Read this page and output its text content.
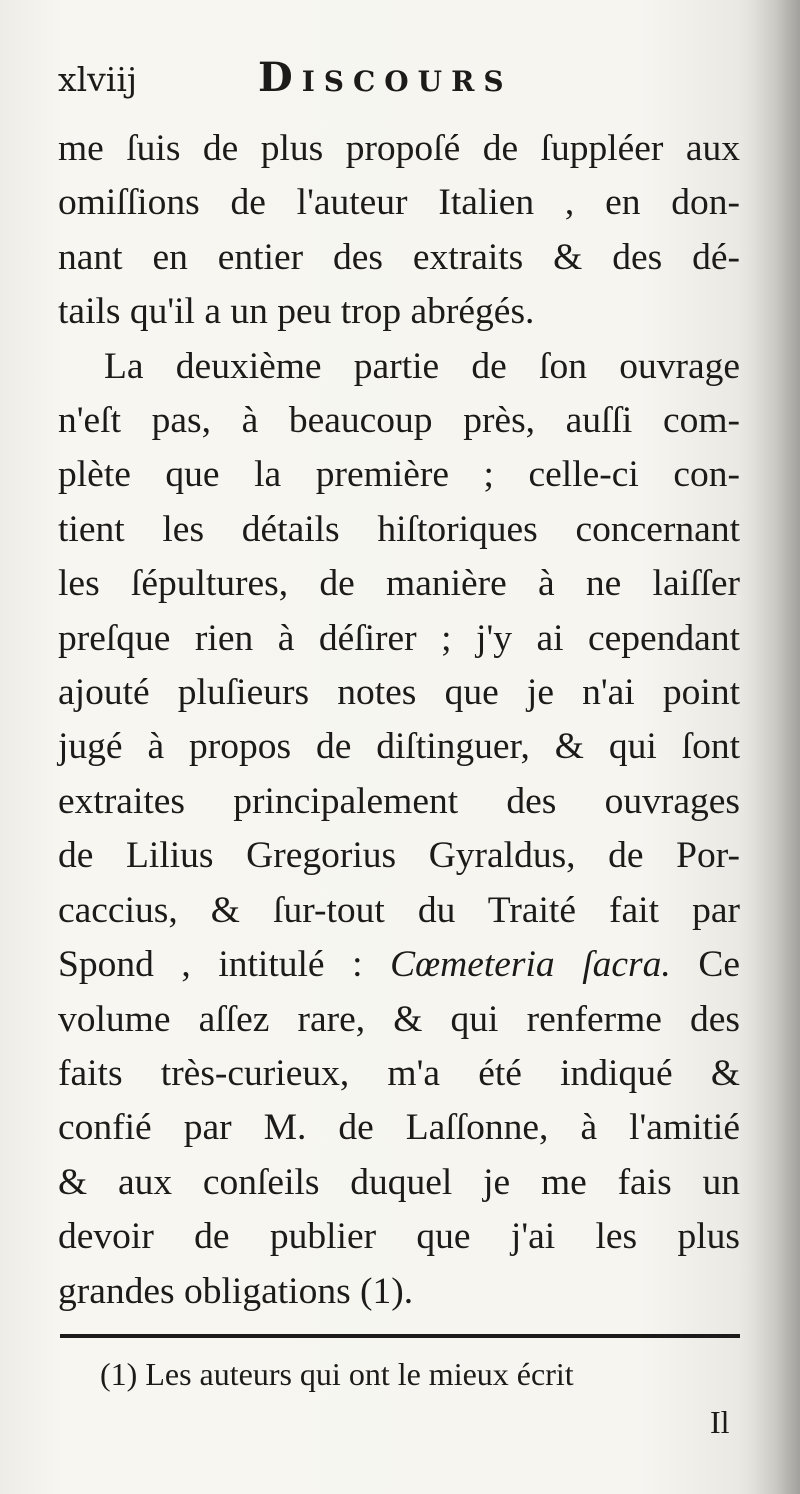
xlviij	Discours

me ſuis de plus propoſé de ſuppléer aux
omiſſions de l'auteur Italien , en don-
nant en entier des extraits & des dé-
tails qu'il a un peu trop abrégés.

La deuxième partie de ſon ouvrage
n'eſt pas, à beaucoup près, auſſi com-
plète que la première ; celle-ci con-
tient les détails hiſtoriques concernant
les ſépultures, de manière à ne laiſſer
preſque rien à déſirer ; j'y ai cependant
ajouté pluſieurs notes que je n'ai point
jugé à propos de diſtinguer, & qui ſont
extraites principalement des ouvrages
de Lilius Gregorius Gyraldus, de Por-
caccius, & ſur-tout du Traité fait par
Spond , intitulé : Cœmeteria ſacra. Ce
volume aſſez rare, & qui renferme des
faits très-curieux, m'a été indiqué &
confié par M. de Laſſonne, à l'amitié
& aux conſeils duquel je me fais un
devoir de publier que j'ai les plus
grandes obligations (1).

(1) Les auteurs qui ont le mieux écrit
Il
